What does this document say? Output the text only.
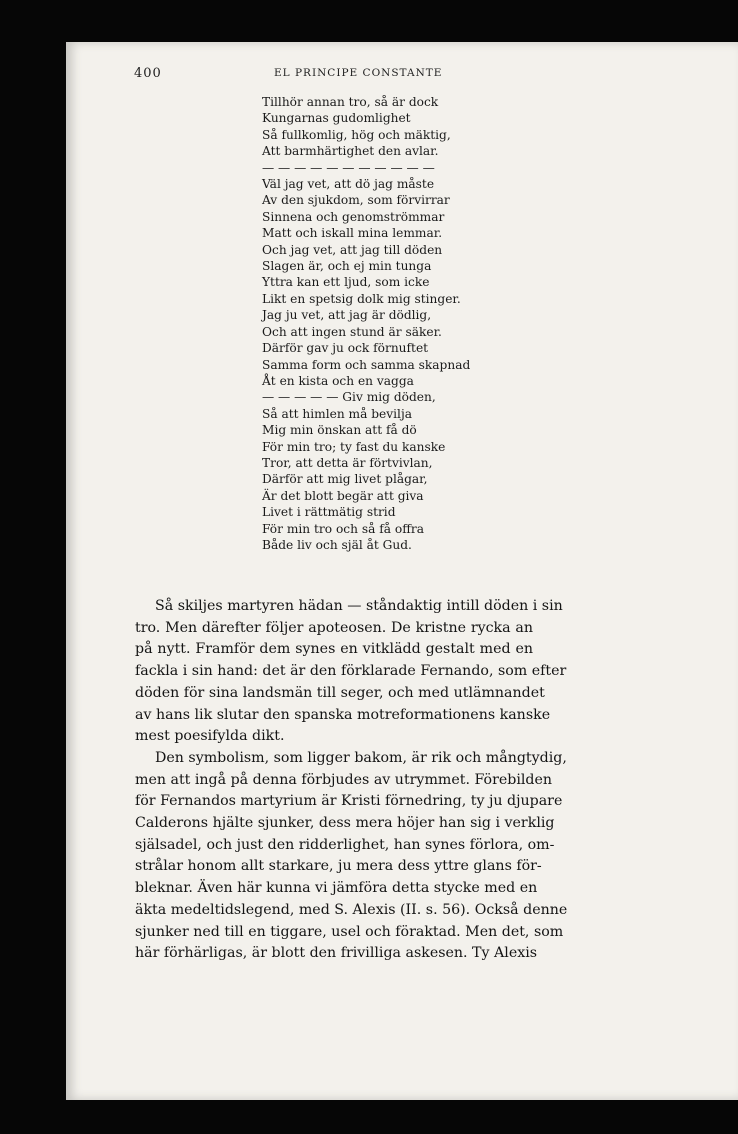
400	EL PRINCIPE CONSTANTE
Tillhör annan tro, så är dock
Kungarnas gudomlighet
Så fullkomlig, hög och mäktig,
Att barmhärtighet den avlar.
— — — — — — — — — — —
Väl jag vet, att dö jag måste
Av den sjukdom, som förvirrar
Sinnena och genomströmmar
Matt och iskall mina lemmar.
Och jag vet, att jag till döden
Slagen är, och ej min tunga
Yttra kan ett ljud, som icke
Likt en spetsig dolk mig stinger.
Jag ju vet, att jag är dödlig,
Och att ingen stund är säker.
Därför gav ju ock förnuftet
Samma form och samma skapnad
Åt en kista och en vagga
— — — — — Giv mig döden,
Så att himlen må bevilja
Mig min önskan att få dö
För min tro; ty fast du kanske
Tror, att detta är förtvivlan,
Därför att mig livet plågar,
Är det blott begär att giva
Livet i rättmätig strid
För min tro och så få offra
Både liv och själ åt Gud.
Så skiljes martyren hädan — ståndaktig intill döden i sin
tro. Men därefter följer apoteosen. De kristne rycka an
på nytt. Framför dem synes en vitklädd gestalt med en
fackla i sin hand: det är den förklarade Fernando, som efter
döden för sina landsmän till seger, och med utlämnandet
av hans lik slutar den spanska motreformationens kanske
mest poesifylda dikt.
Den symbolism, som ligger bakom, är rik och mångtydig,
men att ingå på denna förbjudes av utrymmet. Förebilden
för Fernandos martyrium är Kristi förnedring, ty ju djupare
Calderons hjälte sjunker, dess mera höjer han sig i verklig
själsadel, och just den ridderlighet, han synes förlora, om-
strålar honom allt starkare, ju mera dess yttre glans för-
bleknar. Även här kunna vi jämföra detta stycke med en
äkta medeltidslegend, med S. Alexis (II. s. 56). Också denne
sjunker ned till en tiggare, usel och föraktad. Men det, som
här förhärligas, är blott den frivilliga askesen. Ty Alexis
